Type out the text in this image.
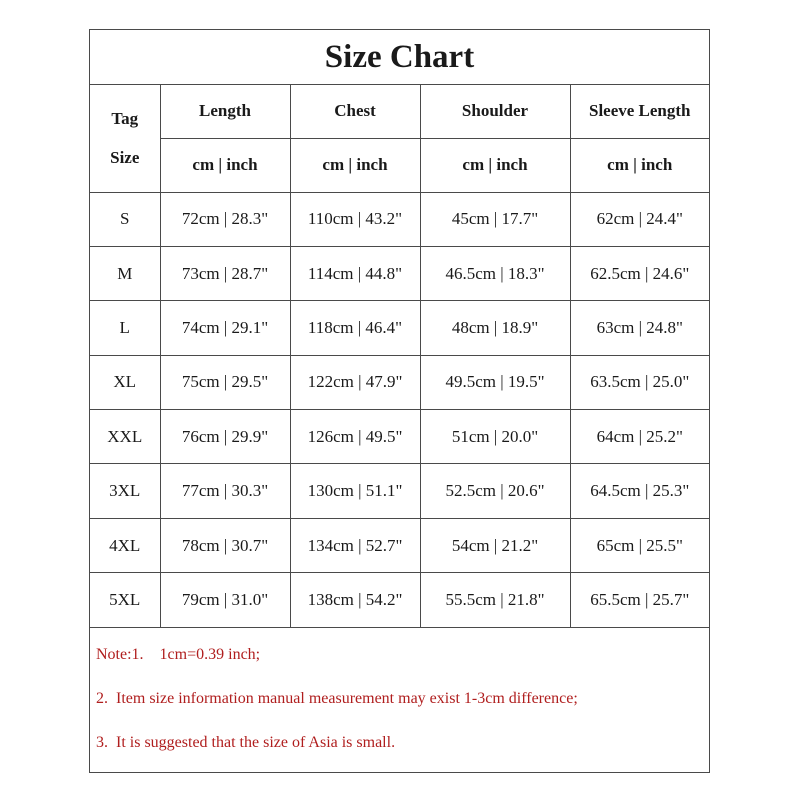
Size Chart
Tag
Size	Length	Chest	Shoulder	Sleeve Length
	cm | inch	cm | inch	cm | inch	cm | inch
S	72cm | 28.3"	110cm | 43.2"	45cm | 17.7"	62cm | 24.4"
M	73cm | 28.7"	114cm | 44.8"	46.5cm | 18.3"	62.5cm | 24.6"
L	74cm | 29.1"	118cm | 46.4"	48cm | 18.9"	63cm | 24.8"
XL	75cm | 29.5"	122cm | 47.9"	49.5cm | 19.5"	63.5cm | 25.0"
XXL	76cm | 29.9"	126cm | 49.5"	51cm | 20.0"	64cm | 25.2"
3XL	77cm | 30.3"	130cm | 51.1"	52.5cm | 20.6"	64.5cm | 25.3"
4XL	78cm | 30.7"	134cm | 52.7"	54cm | 21.2"	65cm | 25.5"
5XL	79cm | 31.0"	138cm | 54.2"	55.5cm | 21.8"	65.5cm | 25.7"
Note:1.    1cm=0.39 inch;
2.  Item size information manual measurement may exist 1-3cm difference;
3.  It is suggested that the size of Asia is small.
